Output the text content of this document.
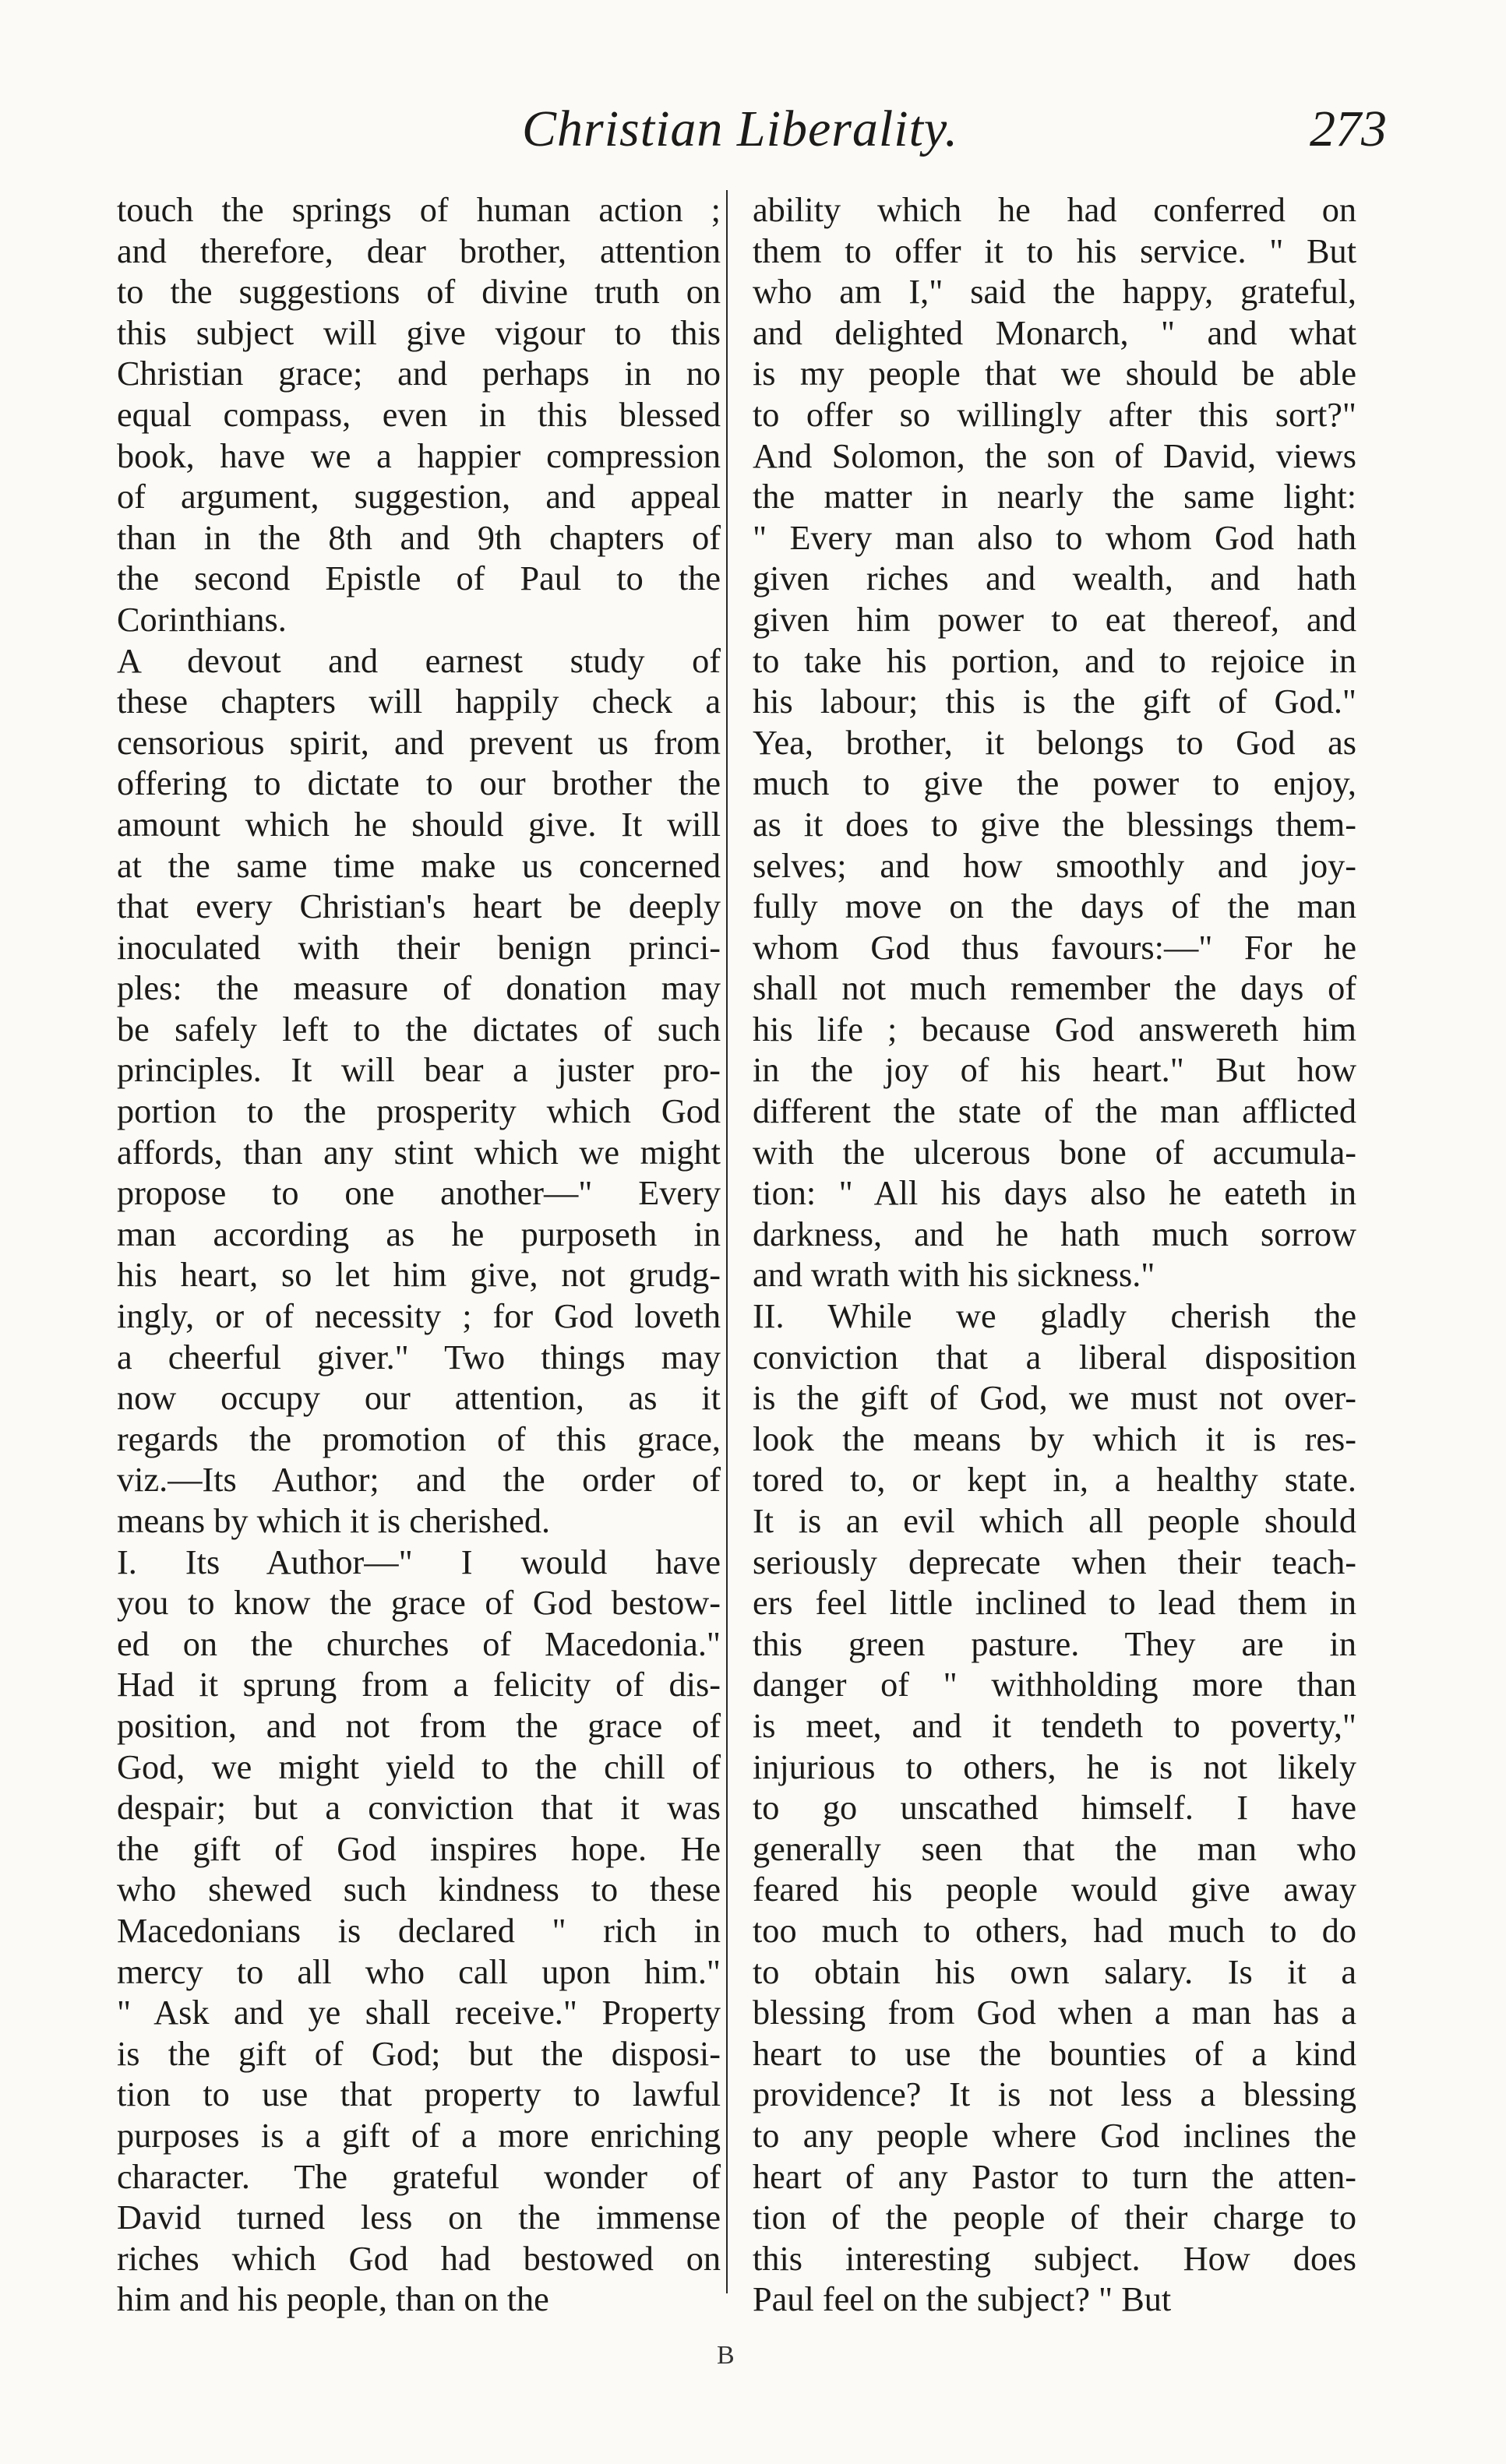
Christian Liberality.	273
touch the springs of human action ;
and therefore, dear brother, attention
to the suggestions of divine truth on
this subject will give vigour to this
Christian grace; and perhaps in no
equal compass, even in this blessed
book, have we a happier compression
of argument, suggestion, and appeal
than in the 8th and 9th chapters of
the second Epistle of Paul to the
Corinthians.
A devout and earnest study of
these chapters will happily check a
censorious spirit, and prevent us from
offering to dictate to our brother the
amount which he should give. It will
at the same time make us concerned
that every Christian's heart be deeply
inoculated with their benign princi-
ples: the measure of donation may
be safely left to the dictates of such
principles. It will bear a juster pro-
portion to the prosperity which God
affords, than any stint which we might
propose to one another—" Every
man according as he purposeth in
his heart, so let him give, not grudg-
ingly, or of necessity ; for God loveth
a cheerful giver." Two things may
now occupy our attention, as it
regards the promotion of this grace,
viz.—Its Author; and the order of
means by which it is cherished.
I. Its Author—" I would have
you to know the grace of God bestow-
ed on the churches of Macedonia."
Had it sprung from a felicity of dis-
position, and not from the grace of
God, we might yield to the chill of
despair; but a conviction that it was
the gift of God inspires hope. He
who shewed such kindness to these
Macedonians is declared " rich in
mercy to all who call upon him."
" Ask and ye shall receive." Property
is the gift of God; but the disposi-
tion to use that property to lawful
purposes is a gift of a more enriching
character. The grateful wonder of
David turned less on the immense
riches which God had bestowed on
him and his people, than on the
ability which he had conferred on
them to offer it to his service. " But
who am I," said the happy, grateful,
and delighted Monarch, " and what
is my people that we should be able
to offer so willingly after this sort?"
And Solomon, the son of David, views
the matter in nearly the same light:
" Every man also to whom God hath
given riches and wealth, and hath
given him power to eat thereof, and
to take his portion, and to rejoice in
his labour; this is the gift of God."
Yea, brother, it belongs to God as
much to give the power to enjoy,
as it does to give the blessings them-
selves; and how smoothly and joy-
fully move on the days of the man
whom God thus favours:—" For he
shall not much remember the days of
his life ; because God answereth him
in the joy of his heart." But how
different the state of the man afflicted
with the ulcerous bone of accumula-
tion: " All his days also he eateth in
darkness, and he hath much sorrow
and wrath with his sickness."
II. While we gladly cherish the
conviction that a liberal disposition
is the gift of God, we must not over-
look the means by which it is res-
tored to, or kept in, a healthy state.
It is an evil which all people should
seriously deprecate when their teach-
ers feel little inclined to lead them in
this green pasture. They are in
danger of " withholding more than
is meet, and it tendeth to poverty,"
injurious to others, he is not likely
to go unscathed himself. I have
generally seen that the man who
feared his people would give away
too much to others, had much to do
to obtain his own salary. Is it a
blessing from God when a man has a
heart to use the bounties of a kind
providence? It is not less a blessing
to any people where God inclines the
heart of any Pastor to turn the atten-
tion of the people of their charge to
this interesting subject. How does
Paul feel on the subject? " But
B
